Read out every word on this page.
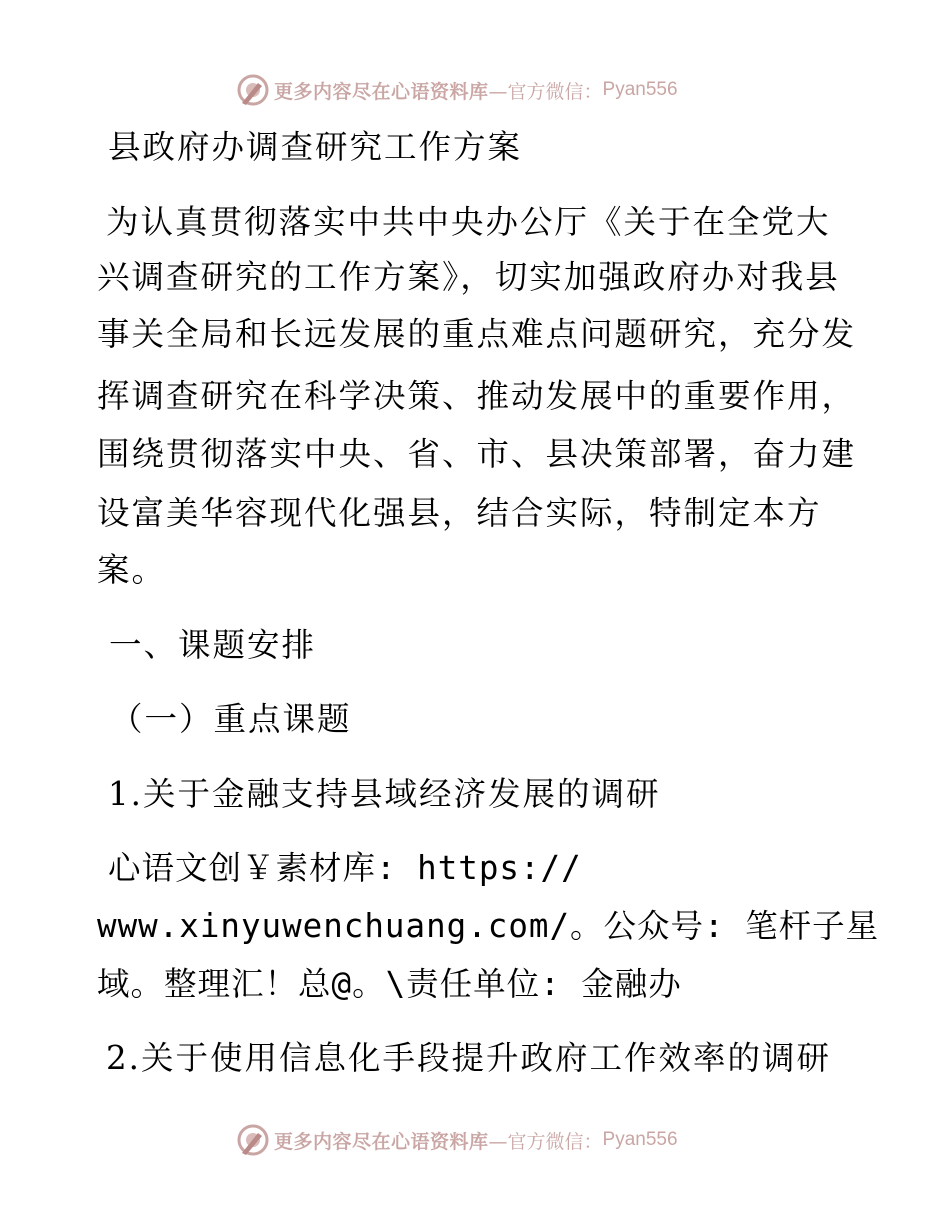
更多内容尽在心语资料库 —官方微信： Pyan556
县政府办调查研究工作方案
为认真贯彻落实中共中央办公厅《关于在全党大
兴调查研究的工作方案》，切实加强政府办对我县
事关全局和长远发展的重点难点问题研究，充分发
挥调查研究在科学决策、推动发展中的重要作用，
围绕贯彻落实中央、省、市、县决策部署，奋力建
设富美华容现代化强县，结合实际，特制定本方
案。
一、课题安排
（一）重点课题
1.关于金融支持县域经济发展的调研
心语文创￥素材库: https://
www.xinyuwenchuang.com/。公众号: 笔杆子星
域。整理汇！总@。\责任单位: 金融办
2.关于使用信息化手段提升政府工作效率的调研
更多内容尽在心语资料库 —官方微信： Pyan556
